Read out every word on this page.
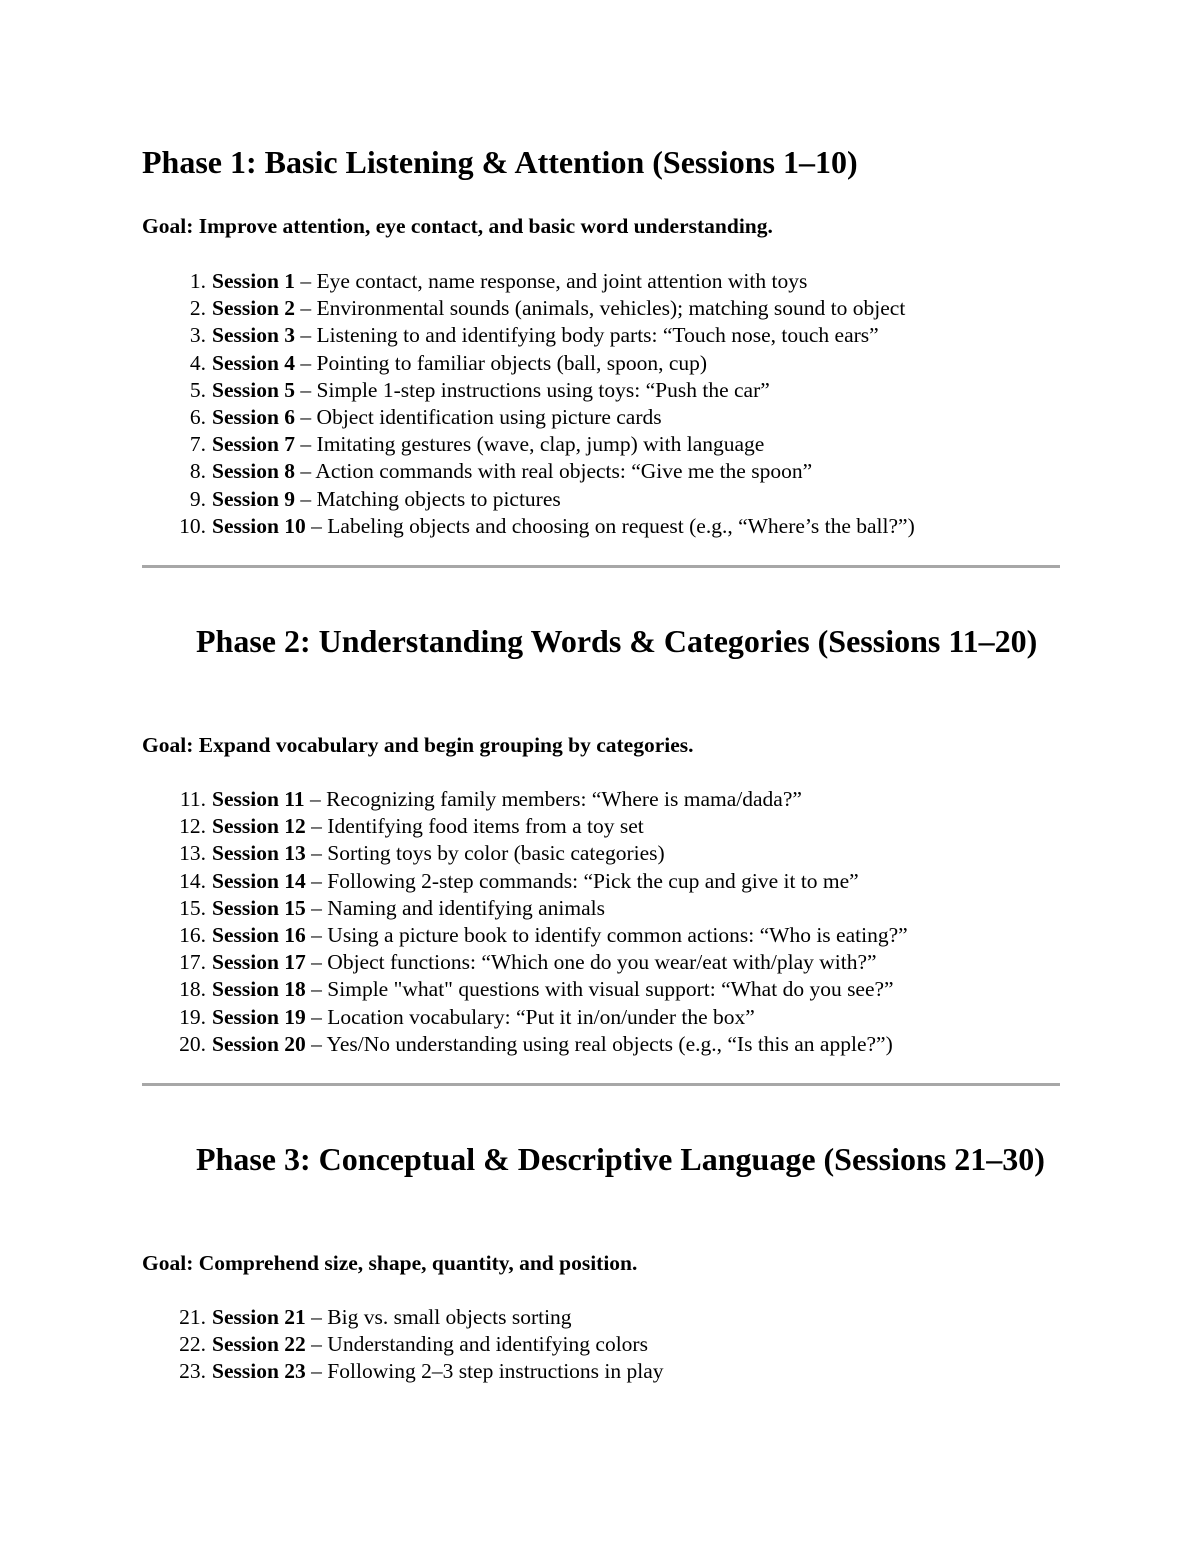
Phase 1: Basic Listening & Attention (Sessions 1–10)

Goal: Improve attention, eye contact, and basic word understanding.

1. Session 1 – Eye contact, name response, and joint attention with toys
2. Session 2 – Environmental sounds (animals, vehicles); matching sound to object
3. Session 3 – Listening to and identifying body parts: “Touch nose, touch ears”
4. Session 4 – Pointing to familiar objects (ball, spoon, cup)
5. Session 5 – Simple 1-step instructions using toys: “Push the car”
6. Session 6 – Object identification using picture cards
7. Session 7 – Imitating gestures (wave, clap, jump) with language
8. Session 8 – Action commands with real objects: “Give me the spoon”
9. Session 9 – Matching objects to pictures
10. Session 10 – Labeling objects and choosing on request (e.g., “Where’s the ball?”)
Phase 2: Understanding Words & Categories (Sessions 11–20)

Goal: Expand vocabulary and begin grouping by categories.

11. Session 11 – Recognizing family members: “Where is mama/dada?”
12. Session 12 – Identifying food items from a toy set
13. Session 13 – Sorting toys by color (basic categories)
14. Session 14 – Following 2-step commands: “Pick the cup and give it to me”
15. Session 15 – Naming and identifying animals
16. Session 16 – Using a picture book to identify common actions: “Who is eating?”
17. Session 17 – Object functions: “Which one do you wear/eat with/play with?”
18. Session 18 – Simple "what" questions with visual support: “What do you see?”
19. Session 19 – Location vocabulary: “Put it in/on/under the box”
20. Session 20 – Yes/No understanding using real objects (e.g., “Is this an apple?”)
Phase 3: Conceptual & Descriptive Language (Sessions 21–30)

Goal: Comprehend size, shape, quantity, and position.

21. Session 21 – Big vs. small objects sorting
22. Session 22 – Understanding and identifying colors
23. Session 23 – Following 2–3 step instructions in play
